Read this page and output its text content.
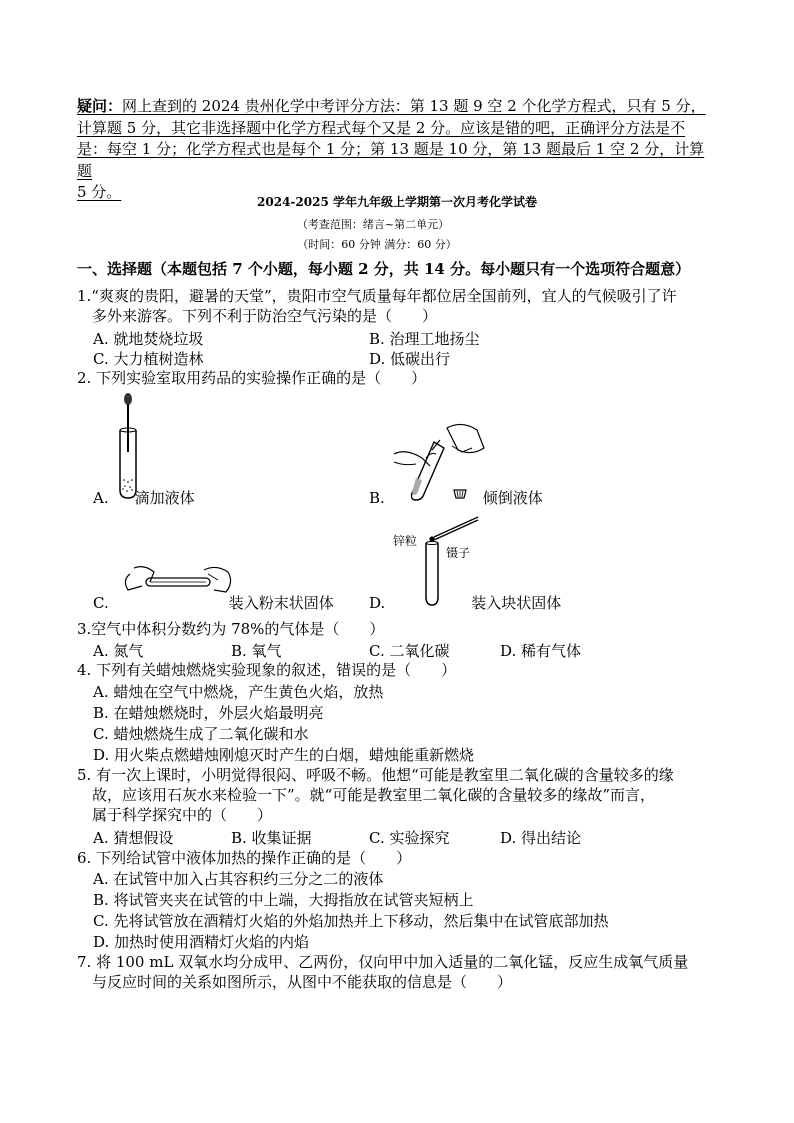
疑问：网上查到的 2024 贵州化学中考评分方法：第 13 题 9 空 2 个化学方程式，只有 5 分，
计算题 5 分，其它非选择题中化学方程式每个又是 2 分。应该是错的吧，正确评分方法是不
是：每空 1 分；化学方程式也是每个 1 分；第 13 题是 10 分，第 13 题最后 1 空 2 分，计算题
5 分。
2024-2025 学年九年级上学期第一次月考化学试卷
（考查范围：绪言~第二单元）
（时间：60 分钟 满分：60 分）
一、选择题（本题包括 7 个小题，每小题 2 分，共 14 分。每小题只有一个选项符合题意）
1.“爽爽的贵阳，避暑的天堂”，贵阳市空气质量每年都位居全国前列，宜人的气候吸引了许
多外来游客。下列不利于防治空气污染的是（　　）
A. 就地焚烧垃圾	B. 治理工地扬尘
C. 大力植树造林	D. 低碳出行
2. 下列实验室取用药品的实验操作正确的是（　　）
A. 滴加液体	B.	倾倒液体
C.	装入粉末状固体
锌粒
镊子
D.	装入块状固体
3.空气中体积分数约为 78%的气体是（　　）
A. 氮气	B. 氧气	C. 二氧化碳	D. 稀有气体
4. 下列有关蜡烛燃烧实验现象的叙述，错误的是（　　）
A. 蜡烛在空气中燃烧，产生黄色火焰，放热
B. 在蜡烛燃烧时，外层火焰最明亮
C. 蜡烛燃烧生成了二氧化碳和水
D. 用火柴点燃蜡烛刚熄灭时产生的白烟，蜡烛能重新燃烧
5. 有一次上课时，小明觉得很闷、呼吸不畅。他想“可能是教室里二氧化碳的含量较多的缘
故，应该用石灰水来检验一下”。就“可能是教室里二氧化碳的含量较多的缘故”而言，
属于科学探究中的（　　）
A. 猜想假设	B. 收集证据	C. 实验探究	D. 得出结论
6. 下列给试管中液体加热的操作正确的是（　　）
A. 在试管中加入占其容积约三分之二的液体
B. 将试管夹夹在试管的中上端，大拇指放在试管夹短柄上
C. 先将试管放在酒精灯火焰的外焰加热并上下移动，然后集中在试管底部加热
D. 加热时使用酒精灯火焰的内焰
7. 将 100 mL 双氧水均分成甲、乙两份，仅向甲中加入适量的二氧化锰，反应生成氧气质量
与反应时间的关系如图所示，从图中不能获取的信息是（　　）
